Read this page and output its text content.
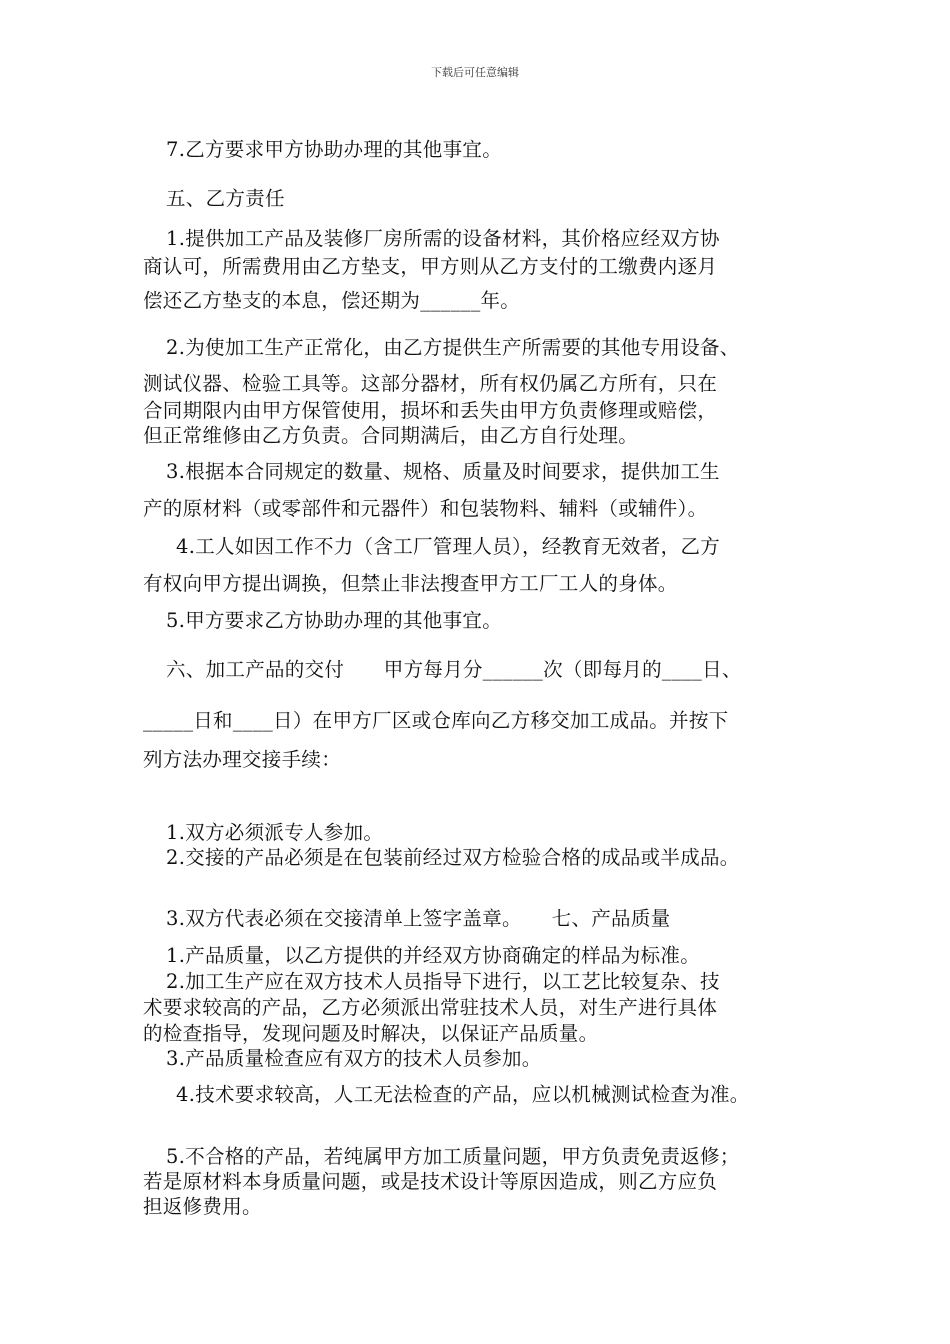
下载后可任意编辑
7.乙方要求甲方协助办理的其他事宜。
五、乙方责任
1.提供加工产品及装修厂房所需的设备材料，其价格应经双方协
商认可，所需费用由乙方垫支，甲方则从乙方支付的工缴费内逐月
偿还乙方垫支的本息，偿还期为______年。
2.为使加工生产正常化，由乙方提供生产所需要的其他专用设备、
测试仪器、检验工具等。这部分器材，所有权仍属乙方所有，只在
合同期限内由甲方保管使用，损坏和丢失由甲方负责修理或赔偿，
但正常维修由乙方负责。合同期满后，由乙方自行处理。
3.根据本合同规定的数量、规格、质量及时间要求，提供加工生
产的原材料（或零部件和元器件）和包装物料、辅料（或辅件）。
4.工人如因工作不力（含工厂管理人员），经教育无效者，乙方
有权向甲方提出调换，但禁止非法搜查甲方工厂工人的身体。
5.甲方要求乙方协助办理的其他事宜。
六、加工产品的交付　　甲方每月分______次（即每月的____日、
_____日和____日）在甲方厂区或仓库向乙方移交加工成品。并按下
列方法办理交接手续：
1.双方必须派专人参加。
2.交接的产品必须是在包装前经过双方检验合格的成品或半成品。
3.双方代表必须在交接清单上签字盖章。　　七、产品质量
1.产品质量，以乙方提供的并经双方协商确定的样品为标准。
2.加工生产应在双方技术人员指导下进行，以工艺比较复杂、技
术要求较高的产品，乙方必须派出常驻技术人员，对生产进行具体
的检查指导，发现问题及时解决，以保证产品质量。
3.产品质量检查应有双方的技术人员参加。
4.技术要求较高，人工无法检查的产品，应以机械测试检查为准。
5.不合格的产品，若纯属甲方加工质量问题，甲方负责免责返修；
若是原材料本身质量问题，或是技术设计等原因造成，则乙方应负
担返修费用。
